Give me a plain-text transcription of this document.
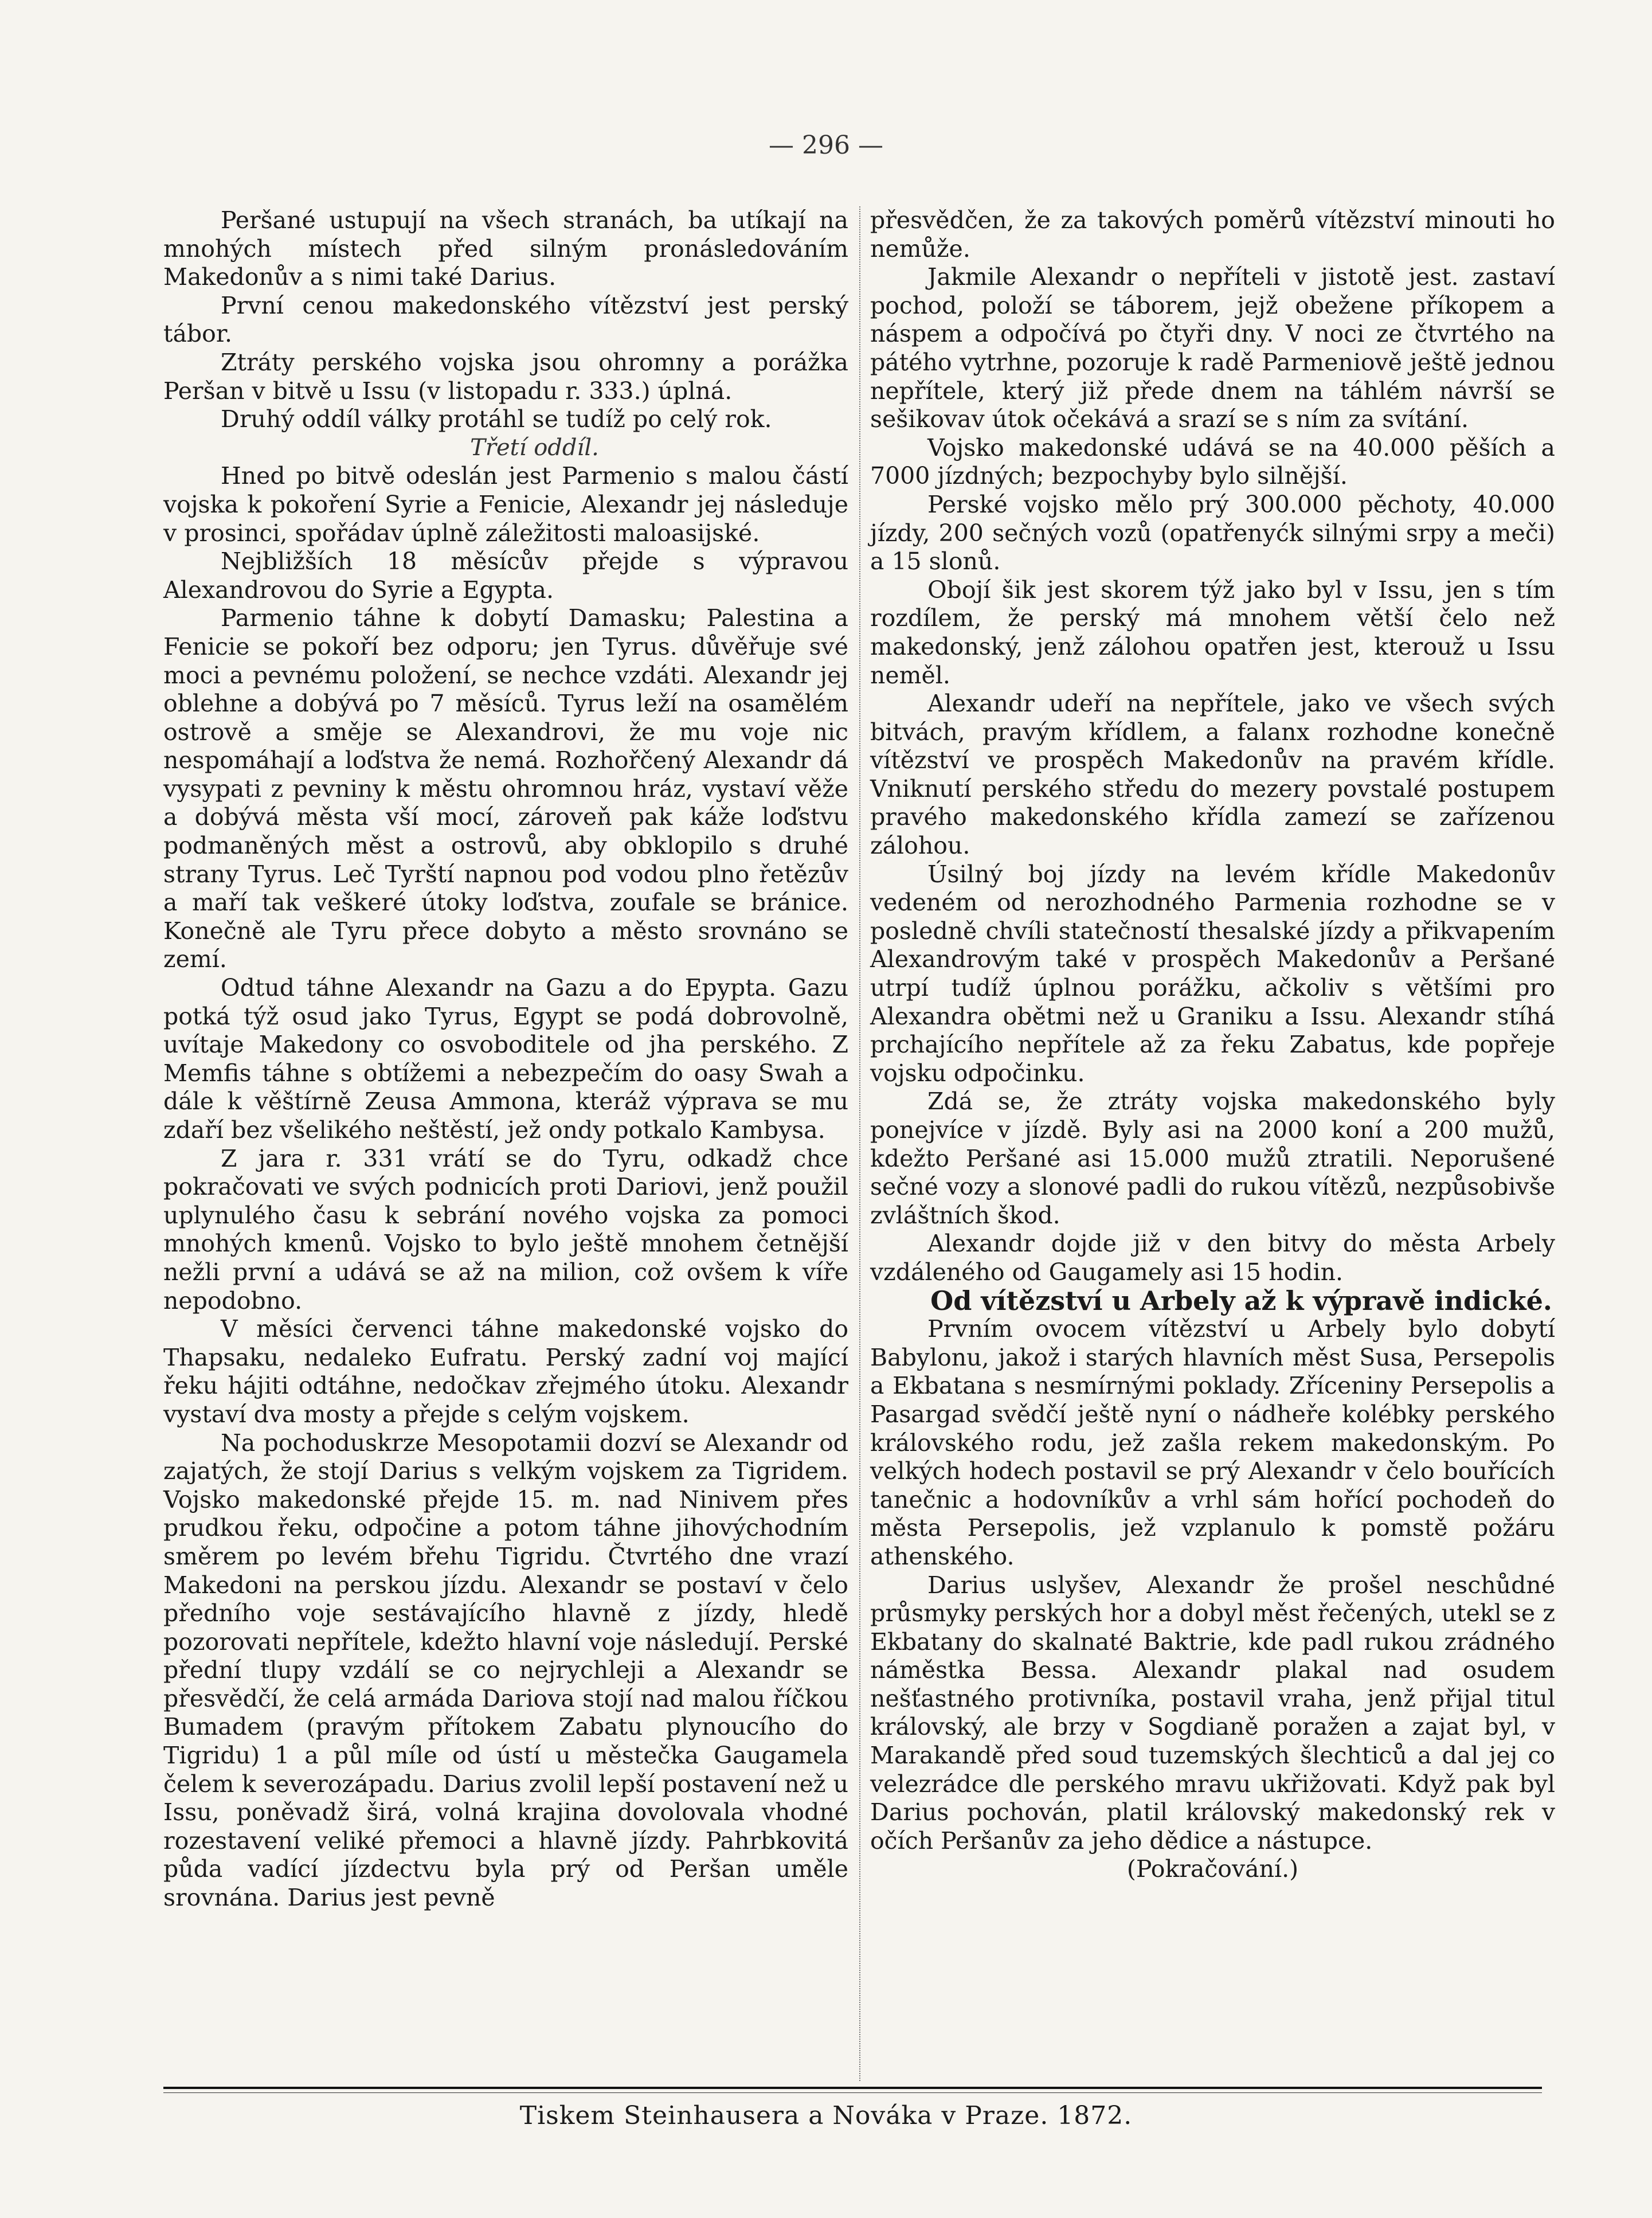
— 296 —

Peršané ustupují na všech stranách, ba utíkají na mnohých místech před silným pronásledováním Makedonův a s nimi také Darius.

První cenou makedonského vítězství jest perský tábor.

Ztráty perského vojska jsou ohromny a porážka Peršan v bitvě u Issu (v listopadu r. 333.) úplná.

Druhý oddíl války protáhl se tudíž po celý rok.

Třetí oddíl.

Hned po bitvě odeslán jest Parmenio s malou částí vojska k pokoření Syrie a Fenicie, Alexandr jej následuje v prosinci, spořádav úplně záležitosti maloasijské.

Nejbližších 18 měsícův přejde s výpravou Alexandrovou do Syrie a Egypta.

Parmenio táhne k dobytí Damasku; Palestina a Fenicie se pokoří bez odporu; jen Tyrus. důvěřuje své moci a pevnému položení, se nechce vzdáti. Alexandr jej oblehne a dobývá po 7 měsíců. Tyrus leží na osamělém ostrově a směje se Alexandrovi, že mu voje nic nespomáhají a loďstva že nemá. Rozhořčený Alexandr dá vysypati z pevniny k městu ohromnou hráz, vystaví věže a dobývá města vší mocí, zároveň pak káže loďstvu podmaněných měst a ostrovů, aby obklopilo s druhé strany Tyrus. Leč Tyrští napnou pod vodou plno řetězův a maří tak veškeré útoky loďstva, zoufale se bránice. Konečně ale Tyru přece dobyto a město srovnáno se zemí.

Odtud táhne Alexandr na Gazu a do Epypta. Gazu potká týž osud jako Tyrus, Egypt se podá dobrovolně, uvítaje Makedony co osvoboditele od jha perského. Z Memfis táhne s obtížemi a nebezpečím do oasy Swah a dále k věštírně Zeusa Ammona, kteráž výprava se mu zdaří bez všelikého neštěstí, jež ondy potkalo Kambysa.

Z jara r. 331 vrátí se do Tyru, odkadž chce pokračovati ve svých podnicích proti Dariovi, jenž použil uplynulého času k sebrání nového vojska za pomoci mnohých kmenů. Vojsko to bylo ještě mnohem četnější nežli první a udává se až na milion, což ovšem k víře nepodobno.

V měsíci červenci táhne makedonské vojsko do Thapsaku, nedaleko Eufratu. Perský zadní voj mající řeku hájiti odtáhne, nedočkav zřejmého útoku. Alexandr vystaví dva mosty a přejde s celým vojskem.

Na pochoduskrze Mesopotamii dozví se Alexandr od zajatých, že stojí Darius s velkým vojskem za Tigridem. Vojsko makedonské přejde 15. m. nad Ninivem přes prudkou řeku, odpočine a potom táhne jihovýchodním směrem po levém břehu Tigridu. Čtvrtého dne vrazí Makedoni na perskou jízdu. Alexandr se postaví v čelo předního voje sestávajícího hlavně z jízdy, hledě pozorovati nepřítele, kdežto hlavní voje následují. Perské přední tlupy vzdálí se co nejrychleji a Alexandr se přesvědčí, že celá armáda Dariova stojí nad malou říčkou Bumadem (pravým přítokem Zabatu plynoucího do Tigridu) 1 a půl míle od ústí u městečka Gaugamela čelem k severozápadu. Darius zvolil lepší postavení než u Issu, poněvadž širá, volná krajina dovolovala vhodné rozestavení veliké přemoci a hlavně jízdy. Pahrbkovitá půda vadící jízdectvu byla prý od Peršan uměle srovnána. Darius jest pevně

přesvědčen, že za takových poměrů vítězství minouti ho nemůže.

Jakmile Alexandr o nepříteli v jistotě jest. zastaví pochod, položí se táborem, jejž obežene příkopem a náspem a odpočívá po čtyři dny. V noci ze čtvrtého na pátého vytrhne, pozoruje k radě Parmeniově ještě jednou nepřítele, který již přede dnem na táhlém návrší se sešikovav útok očekává a srazí se s ním za svítání.

Vojsko makedonské udává se na 40.000 pěších a 7000 jízdných; bezpochyby bylo silnější.

Perské vojsko mělo prý 300.000 pěchoty, 40.000 jízdy, 200 sečných vozů (opatřenyćk silnými srpy a meči) a 15 slonů.

Obojí šik jest skorem týž jako byl v Issu, jen s tím rozdílem, že perský má mnohem větší čelo než makedonský, jenž zálohou opatřen jest, kterouž u Issu neměl.

Alexandr udeří na nepřítele, jako ve všech svých bitvách, pravým křídlem, a falanx rozhodne konečně vítězství ve prospěch Makedonův na pravém křídle. Vniknutí perského středu do mezery povstalé postupem pravého makedonského křídla zamezí se zařízenou zálohou.

Úsilný boj jízdy na levém křídle Makedonův vedeném od nerozhodného Parmenia rozhodne se v posledně chvíli statečností thesalské jízdy a přikvapením Alexandrovým také v prospěch Makedonův a Peršané utrpí tudíž úplnou porážku, ačkoliv s většími pro Alexandra obětmi než u Graniku a Issu. Alexandr stíhá prchajícího nepřítele až za řeku Zabatus, kde popřeje vojsku odpočinku.

Zdá se, že ztráty vojska makedonského byly ponejvíce v jízdě. Byly asi na 2000 koní a 200 mužů, kdežto Peršané asi 15.000 mužů ztratili. Neporušené sečné vozy a slonové padli do rukou vítězů, nezpůsobivše zvláštních škod.

Alexandr dojde již v den bitvy do města Arbely vzdáleného od Gaugamely asi 15 hodin.

Od vítězství u Arbely až k výpravě indické.

Prvním ovocem vítězství u Arbely bylo dobytí Babylonu, jakož i starých hlavních měst Susa, Persepolis a Ekbatana s nesmírnými poklady. Zříceniny Persepolis a Pasargad svědčí ještě nyní o nádheře kolébky perského královského rodu, jež zašla rekem makedonským. Po velkých hodech postavil se prý Alexandr v čelo bouřících tanečnic a hodovníkův a vrhl sám hořící pochodeň do města Persepolis, jež vzplanulo k pomstě požáru athenského.

Darius uslyšev, Alexandr že prošel neschůdné průsmyky perských hor a dobyl měst řečených, utekl se z Ekbatany do skalnaté Baktrie, kde padl rukou zrádného náměstka Bessa. Alexandr plakal nad osudem nešťastného protivníka, postavil vraha, jenž přijal titul královský, ale brzy v Sogdianě poražen a zajat byl, v Marakandě před soud tuzemských šlechticů a dal jej co velezrádce dle perského mravu ukřižovati. Když pak byl Darius pochován, platil královský makedonský rek v očích Peršanův za jeho dědice a nástupce.

(Pokračování.)

Tiskem Steinhausera a Nováka v Praze. 1872.
